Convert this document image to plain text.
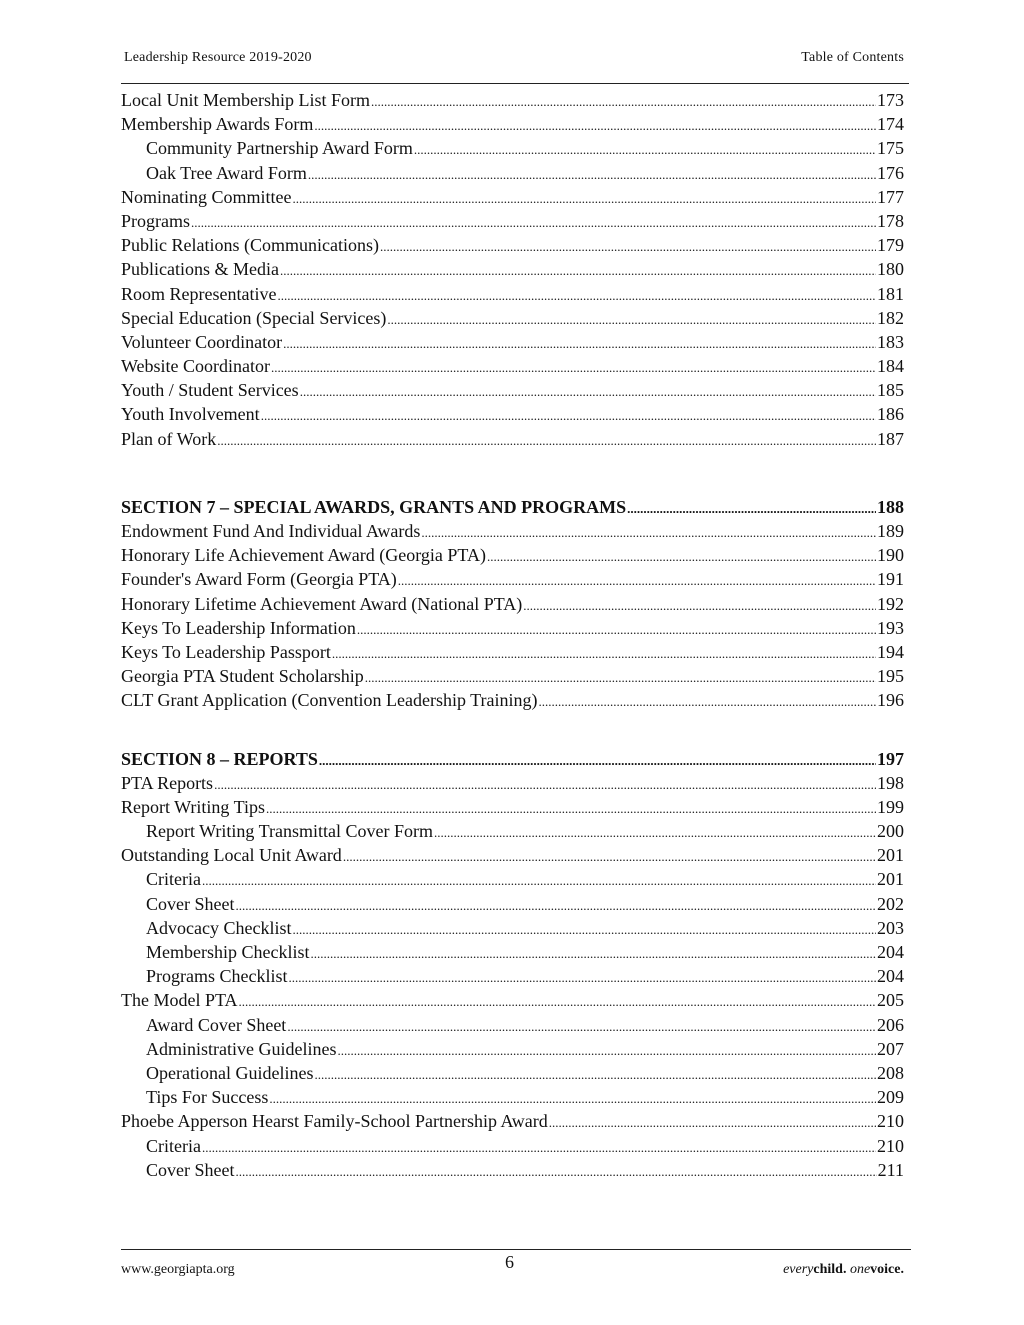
Leadership Resource 2019-2020	Table of Contents
Local Unit Membership List Form .....	173
Membership Awards Form .....	174
Community Partnership Award Form .....	175
Oak Tree Award Form .....	176
Nominating Committee .....	177
Programs .....	178
Public Relations (Communications) .....	179
Publications & Media .....	180
Room Representative .....	181
Special Education (Special Services) .....	182
Volunteer Coordinator .....	183
Website Coordinator .....	184
Youth / Student Services .....	185
Youth Involvement .....	186
Plan of Work .....	187
SECTION 7 – SPECIAL AWARDS, GRANTS AND PROGRAMS .....	188
Endowment Fund And Individual Awards .....	189
Honorary Life Achievement Award (Georgia PTA) .....	190
Founder's Award Form (Georgia PTA) .....	191
Honorary Lifetime Achievement Award (National PTA) .....	192
Keys To Leadership Information .....	193
Keys To Leadership Passport .....	194
Georgia PTA Student Scholarship .....	195
CLT Grant Application (Convention Leadership Training) .....	196
SECTION 8 – REPORTS .....	197
PTA Reports .....	198
Report Writing Tips .....	199
Report Writing Transmittal Cover Form .....	200
Outstanding Local Unit Award .....	201
Criteria .....	201
Cover Sheet .....	202
Advocacy Checklist .....	203
Membership Checklist .....	204
Programs Checklist .....	204
The Model PTA .....	205
Award Cover Sheet .....	206
Administrative Guidelines .....	207
Operational Guidelines .....	208
Tips For Success .....	209
Phoebe Apperson Hearst Family-School Partnership Award .....	210
Criteria .....	210
Cover Sheet .....	211
www.georgiapta.org	6	everychild. onevoice.
